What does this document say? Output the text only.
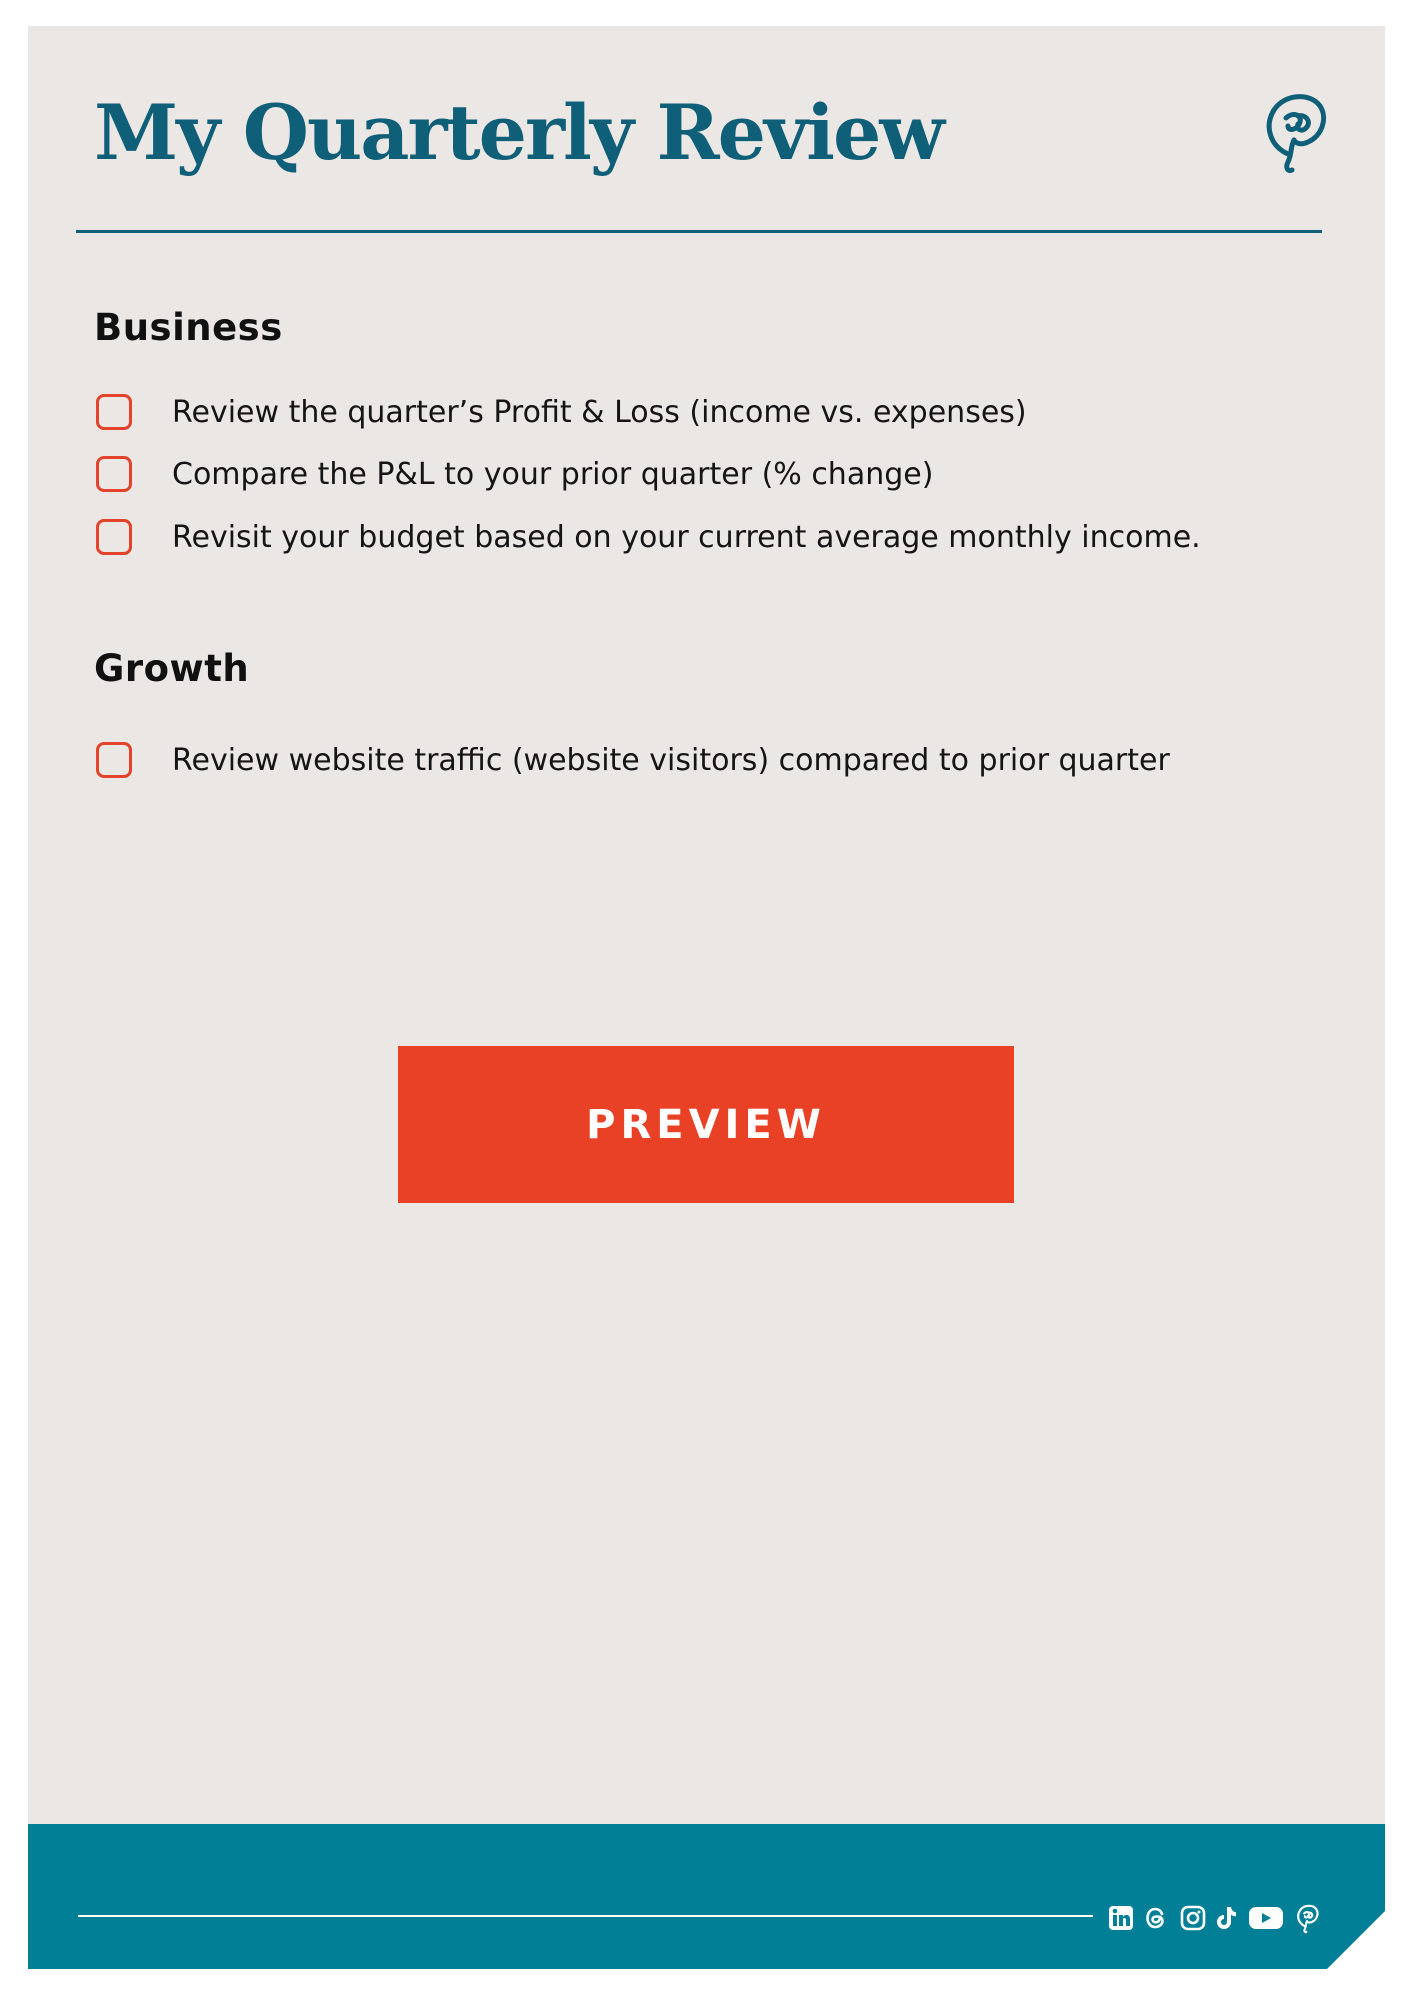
My Quarterly Review
Business
Review the quarter’s Profit & Loss (income vs. expenses)
Compare the P&L to your prior quarter (% change)
Revisit your budget based on your current average monthly income.
Growth
Review website traffic (website visitors) compared to prior quarter
PREVIEW
